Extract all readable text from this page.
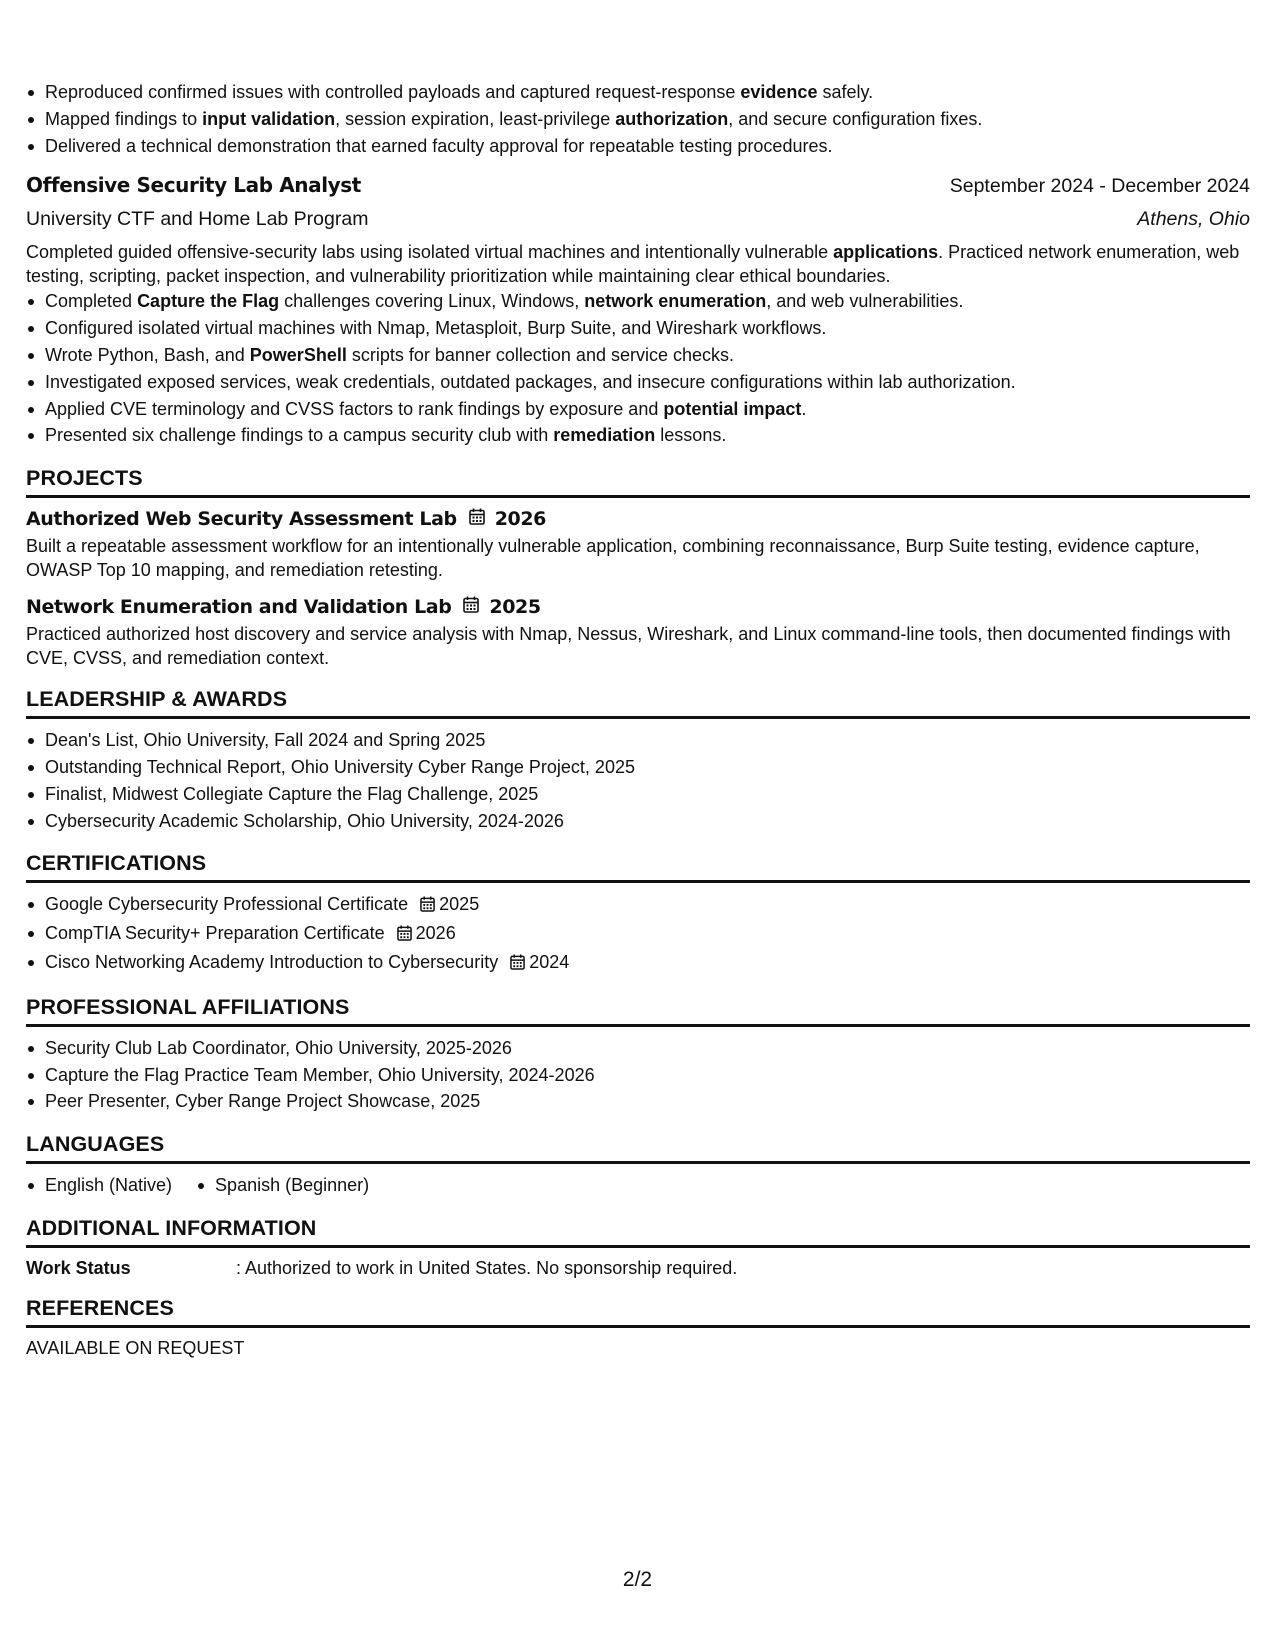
Reproduced confirmed issues with controlled payloads and captured request-response evidence safely.
Mapped findings to input validation, session expiration, least-privilege authorization, and secure configuration fixes.
Delivered a technical demonstration that earned faculty approval for repeatable testing procedures.
Offensive Security Lab Analyst	September 2024 - December 2024
University CTF and Home Lab Program	Athens, Ohio
Completed guided offensive-security labs using isolated virtual machines and intentionally vulnerable applications. Practiced network enumeration, web testing, scripting, packet inspection, and vulnerability prioritization while maintaining clear ethical boundaries.
Completed Capture the Flag challenges covering Linux, Windows, network enumeration, and web vulnerabilities.
Configured isolated virtual machines with Nmap, Metasploit, Burp Suite, and Wireshark workflows.
Wrote Python, Bash, and PowerShell scripts for banner collection and service checks.
Investigated exposed services, weak credentials, outdated packages, and insecure configurations within lab authorization.
Applied CVE terminology and CVSS factors to rank findings by exposure and potential impact.
Presented six challenge findings to a campus security club with remediation lessons.
PROJECTS
Authorized Web Security Assessment Lab 2026
Built a repeatable assessment workflow for an intentionally vulnerable application, combining reconnaissance, Burp Suite testing, evidence capture, OWASP Top 10 mapping, and remediation retesting.
Network Enumeration and Validation Lab 2025
Practiced authorized host discovery and service analysis with Nmap, Nessus, Wireshark, and Linux command-line tools, then documented findings with CVE, CVSS, and remediation context.
LEADERSHIP & AWARDS
Dean's List, Ohio University, Fall 2024 and Spring 2025
Outstanding Technical Report, Ohio University Cyber Range Project, 2025
Finalist, Midwest Collegiate Capture the Flag Challenge, 2025
Cybersecurity Academic Scholarship, Ohio University, 2024-2026
CERTIFICATIONS
Google Cybersecurity Professional Certificate 2025
CompTIA Security+ Preparation Certificate 2026
Cisco Networking Academy Introduction to Cybersecurity 2024
PROFESSIONAL AFFILIATIONS
Security Club Lab Coordinator, Ohio University, 2025-2026
Capture the Flag Practice Team Member, Ohio University, 2024-2026
Peer Presenter, Cyber Range Project Showcase, 2025
LANGUAGES
English (Native)	Spanish (Beginner)
ADDITIONAL INFORMATION
Work Status	: Authorized to work in United States. No sponsorship required.
REFERENCES
AVAILABLE ON REQUEST
2/2
